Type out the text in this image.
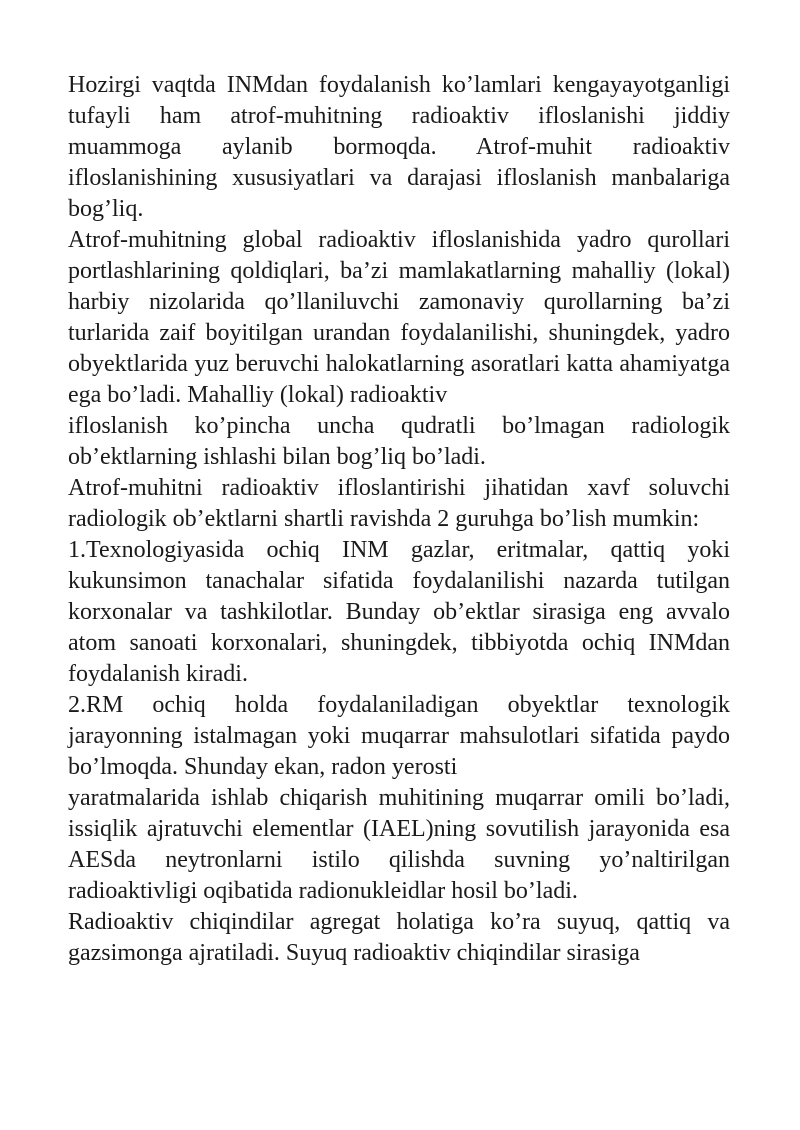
Hozirgi vaqtda INMdan foydalanish ko’lamlari kengayayotganligi tufayli ham atrof-muhitning radioaktiv ifloslanishi jiddiy muammoga aylanib bormoqda. Atrof-muhit radioaktiv ifloslanishining xususiyatlari va darajasi ifloslanish manbalariga bog’liq.

Atrof-muhitning global radioaktiv ifloslanishida yadro qurollari portlashlarining qoldiqlari, ba’zi mamlakatlarning mahalliy (lokal) harbiy nizolarida qo’llaniluvchi zamonaviy qurollarning ba’zi turlarida zaif boyitilgan urandan foydalanilishi, shuningdek, yadro obyektlarida yuz beruvchi halokatlarning asoratlari katta ahamiyatga ega bo’ladi. Mahalliy (lokal) radioaktiv

ifloslanish ko’pincha uncha qudratli bo’lmagan radiologik ob’ektlarning ishlashi bilan bog’liq bo’ladi.

Atrof-muhitni radioaktiv ifloslantirishi jihatidan xavf soluvchi radiologik ob’ektlarni shartli ravishda 2 guruhga bo’lish mumkin:

1.Texnologiyasida ochiq INM gazlar, eritmalar, qattiq yoki kukunsimon tanachalar sifatida foydalanilishi nazarda tutilgan korxonalar va tashkilotlar. Bunday ob’ektlar sirasiga eng avvalo atom sanoati korxonalari, shuningdek, tibbiyotda ochiq INMdan foydalanish kiradi.

2.RM ochiq holda foydalaniladigan obyektlar texnologik jarayonning istalmagan yoki muqarrar mahsulotlari sifatida paydo bo’lmoqda. Shunday ekan, radon yerosti

yaratmalarida ishlab chiqarish muhitining muqarrar omili bo’ladi, issiqlik ajratuvchi elementlar (IAEL)ning sovutilish jarayonida esa AESda neytronlarni istilo qilishda suvning yo’naltirilgan radioaktivligi oqibatida radionukleidlar hosil bo’ladi.

Radioaktiv chiqindilar agregat holatiga ko’ra suyuq, qattiq va gazsimonga ajratiladi. Suyuq radioaktiv chiqindilar sirasiga
